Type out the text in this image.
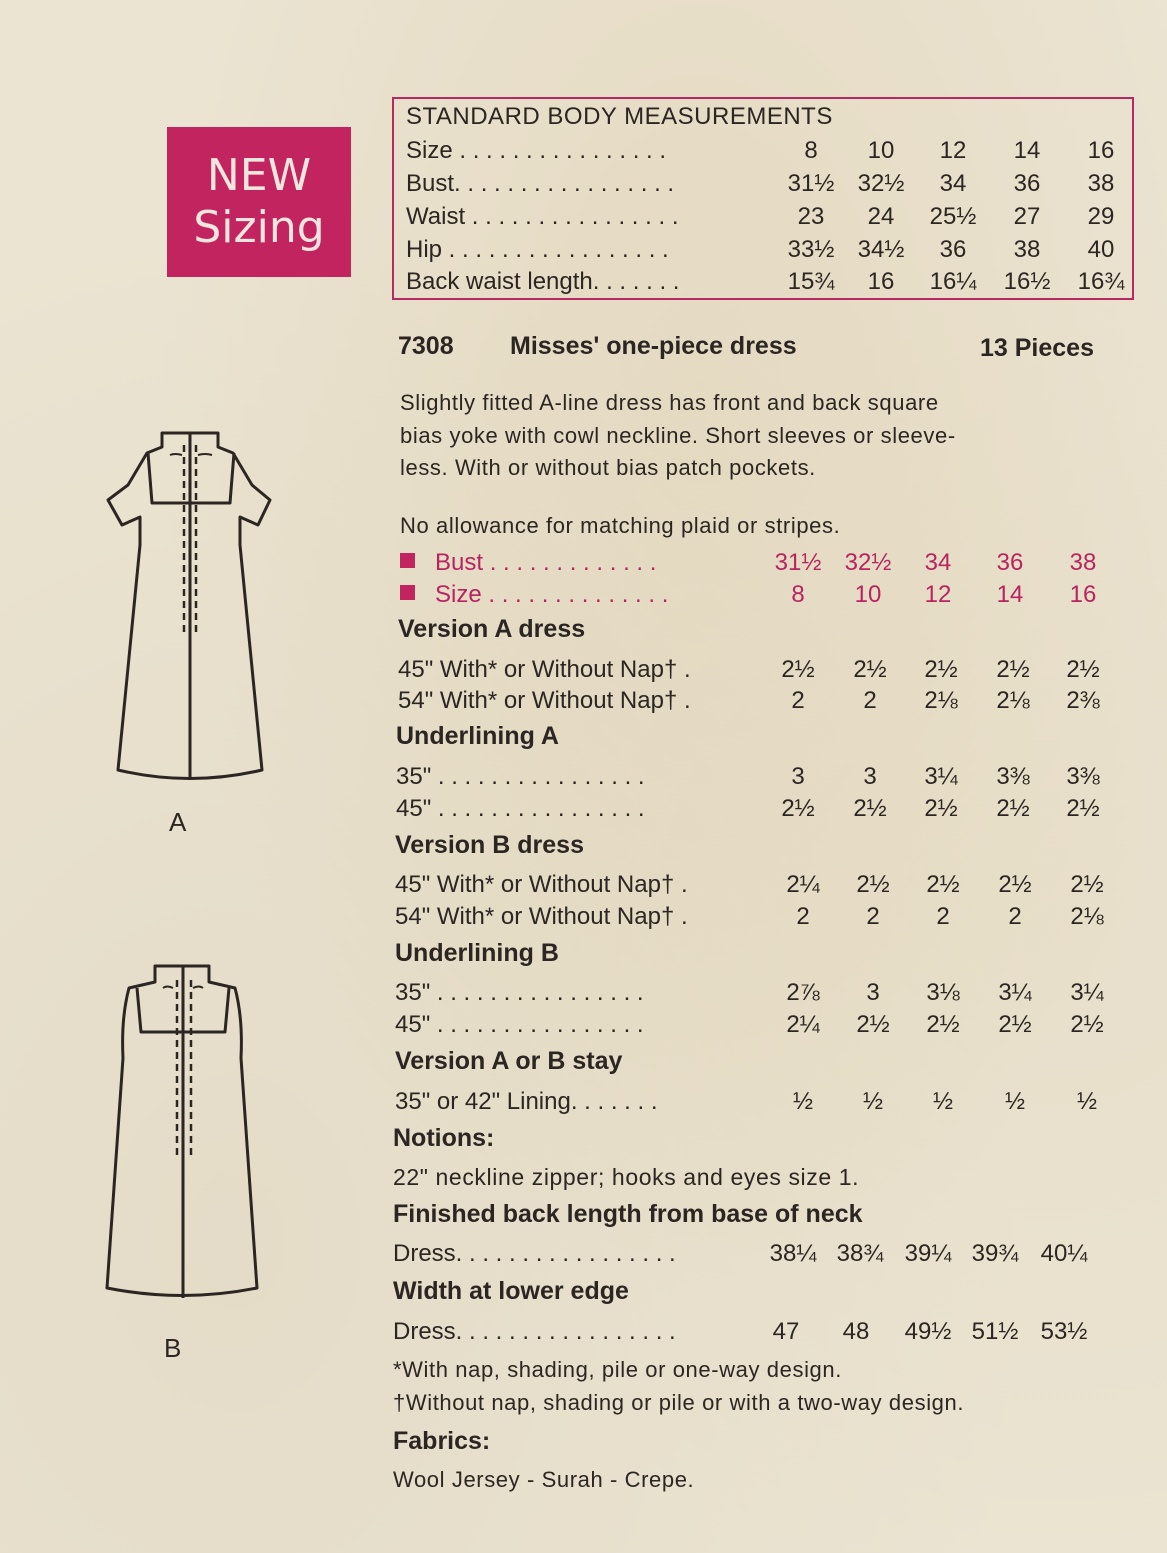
NEW
Sizing
STANDARD BODY MEASUREMENTS
Size . . . . . . . . . . . . . . . .	8	10	12	14	16
Bust. . . . . . . . . . . . . . . . .	31½ 32½	34	36	38
Waist . . . . . . . . . . . . . . . .	23	24	25½	27	29
Hip . . . . . . . . . . . . . . . . .	33½ 34½	36	38	40
Back waist length. . . . . . .	15¾	16	16¼	16½	16¾
7308 Misses' one-piece dress	13 Pieces
Slightly fitted A-line dress has front and back square
bias yoke with cowl neckline. Short sleeves or sleeve-
less. With or without bias patch pockets.
No allowance for matching plaid or stripes.
Bust . . . . . . . . . . . . .	31½ 32½	34	36	38
Size . . . . . . . . . . . . . .	8	10	12	14	16
Version A dress
45" With* or Without Nap† .	2½	2½	2½	2½	2½
54" With* or Without Nap† .	2	2	2⅛	2⅛	2⅜
Underlining A
35" . . . . . . . . . . . . . . . .	3	3	3¼	3⅜	3⅜
45" . . . . . . . . . . . . . . . .	2½	2½	2½	2½	2½
Version B dress
45" With* or Without Nap† .	2¼	2½	2½	2½	2½
54" With* or Without Nap† .	2	2	2	2	2⅛
Underlining B
35" . . . . . . . . . . . . . . . .	2⅞	3	3⅛	3¼	3¼
45" . . . . . . . . . . . . . . . .	2¼	2½	2½	2½	2½
Version A or B stay
35" or 42" Lining. . . . . . .	½	½	½	½	½
Notions:
22" neckline zipper; hooks and eyes size 1.
Finished back length from base of neck
Dress. . . . . . . . . . . . . . . . .	38¼ 38¾ 39¼ 39¾ 40¼
Width at lower edge
Dress. . . . . . . . . . . . . . . . .	47	48	49½ 51½ 53½
*With nap, shading, pile or one-way design.
†Without nap, shading or pile or with a two-way design.
Fabrics:
Wool Jersey - Surah - Crepe.
A
B
